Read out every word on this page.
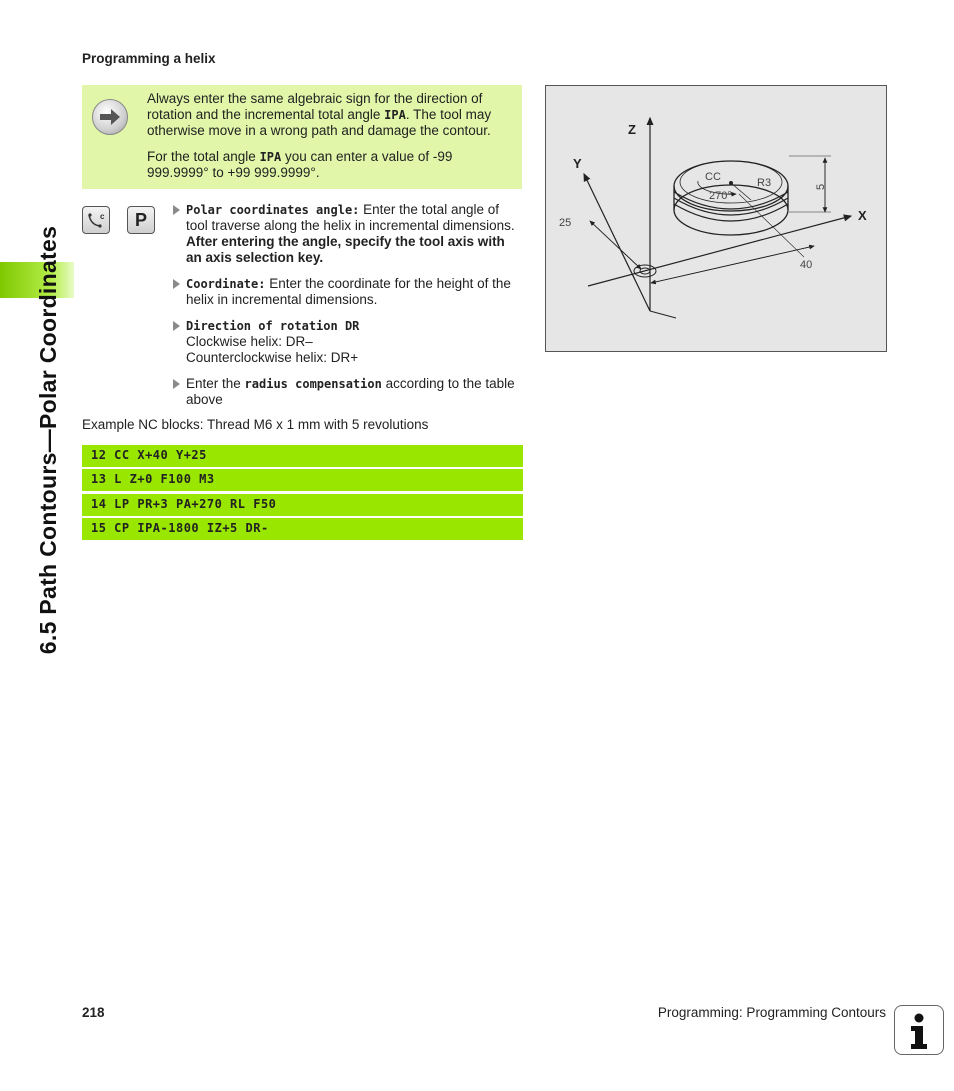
6.5 Path Contours—Polar Coordinates
Programming a helix

Always enter the same algebraic sign for the direction of rotation and the incremental total angle IPA. The tool may otherwise move in a wrong path and damage the contour.

For the total angle IPA you can enter a value of -99 999.9999° to +99 999.9999°.

c	P	Polar coordinates angle: Enter the total angle of tool traverse along the helix in incremental dimensions. After entering the angle, specify the tool axis with an axis selection key.
Coordinate: Enter the coordinate for the height of the helix in incremental dimensions.
Direction of rotation DR
Clockwise helix: DR–
Counterclockwise helix: DR+
Enter the radius compensation according to the table above
Example NC blocks: Thread M6 x 1 mm with 5 revolutions
12 CC X+40 Y+25
13 L Z+0 F100 M3
14 LP PR+3 PA+270 RL F50
15 CP IPA-1800 IZ+5 DR-
Z
Y
X
CC	R3
270°
5
25
40
218	Programming: Programming Contours
